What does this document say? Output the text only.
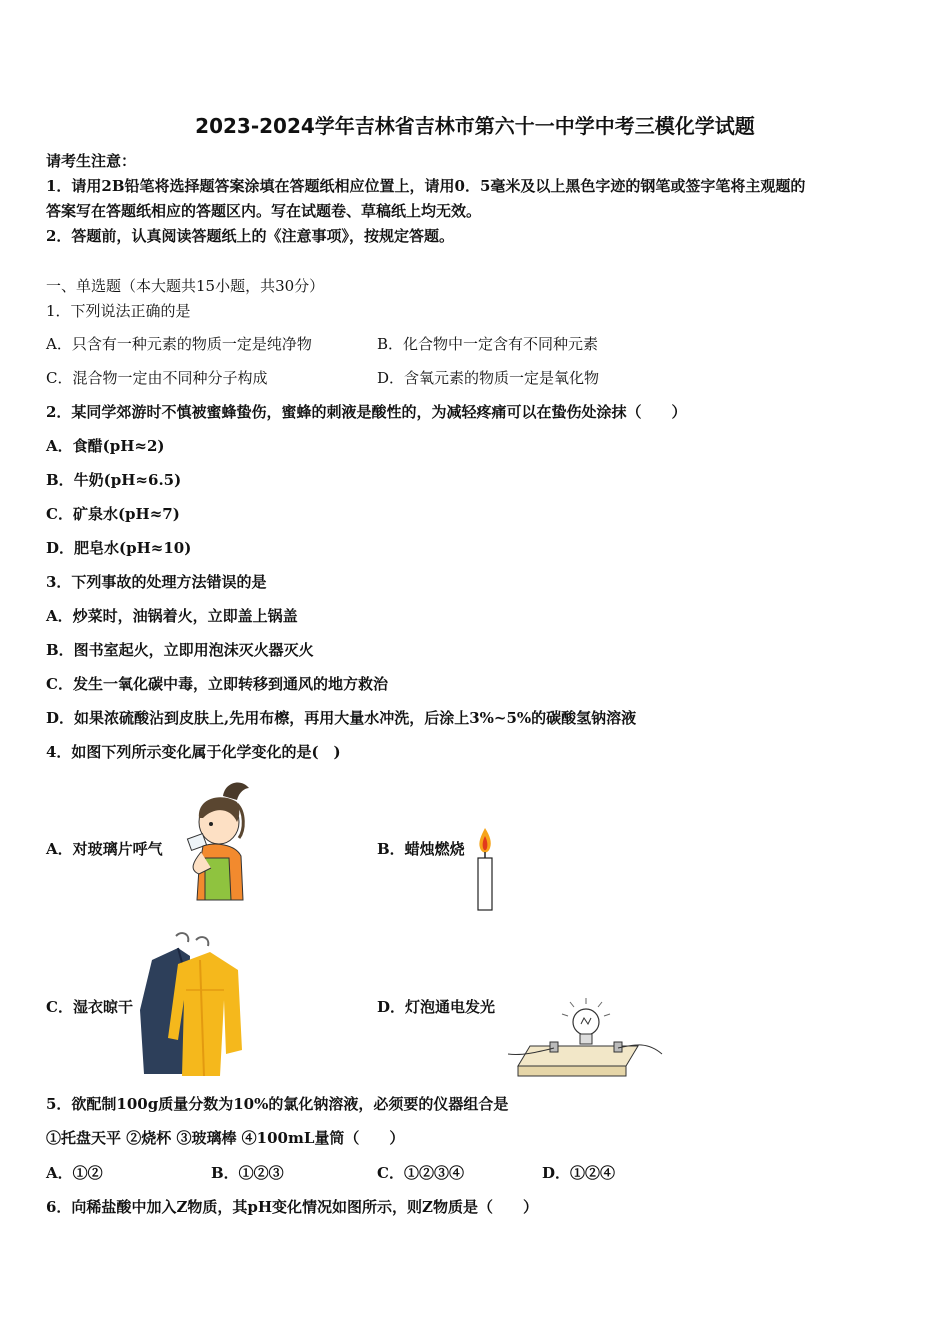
2023-2024学年吉林省吉林市第六十一中学中考三模化学试题
请考生注意：
1．请用2B铅笔将选择题答案涂填在答题纸相应位置上，请用0．5毫米及以上黑色字迹的钢笔或签字笔将主观题的
答案写在答题纸相应的答题区内。写在试题卷、草稿纸上均无效。
2．答题前，认真阅读答题纸上的《注意事项》，按规定答题。
一、单选题（本大题共15小题，共30分）
1．下列说法正确的是
A．只含有一种元素的物质一定是纯净物	B．化合物中一定含有不同种元素
C．混合物一定由不同种分子构成	D．含氧元素的物质一定是氧化物
2．某同学郊游时不慎被蜜蜂蛰伤，蜜蜂的刺液是酸性的，为减轻疼痛可以在蛰伤处涂抹（　　）
A．食醋(pH≈2)
B．牛奶(pH≈6.5)
C．矿泉水(pH≈7)
D．肥皂水(pH≈10)
3．下列事故的处理方法错误的是
A．炒菜时，油锅着火，立即盖上锅盖
B．图书室起火，立即用泡沫灭火器灭火
C．发生一氧化碳中毒，立即转移到通风的地方救治
D．如果浓硫酸沾到皮肤上,先用布檫，再用大量水冲洗，后涂上3%~5%的碳酸氢钠溶液
4．如图下列所示变化属于化学变化的是(　)
A．对玻璃片呼气	B．蜡烛燃烧
C．湿衣晾干	D．灯泡通电发光
5．欲配制100g质量分数为10%的氯化钠溶液，必须要的仪器组合是
①托盘天平 ②烧杯 ③玻璃棒 ④100mL量筒（　　）
A．①②	B．①②③	C．①②③④	D．①②④
6．向稀盐酸中加入Z物质，其pH变化情况如图所示，则Z物质是（　　）
